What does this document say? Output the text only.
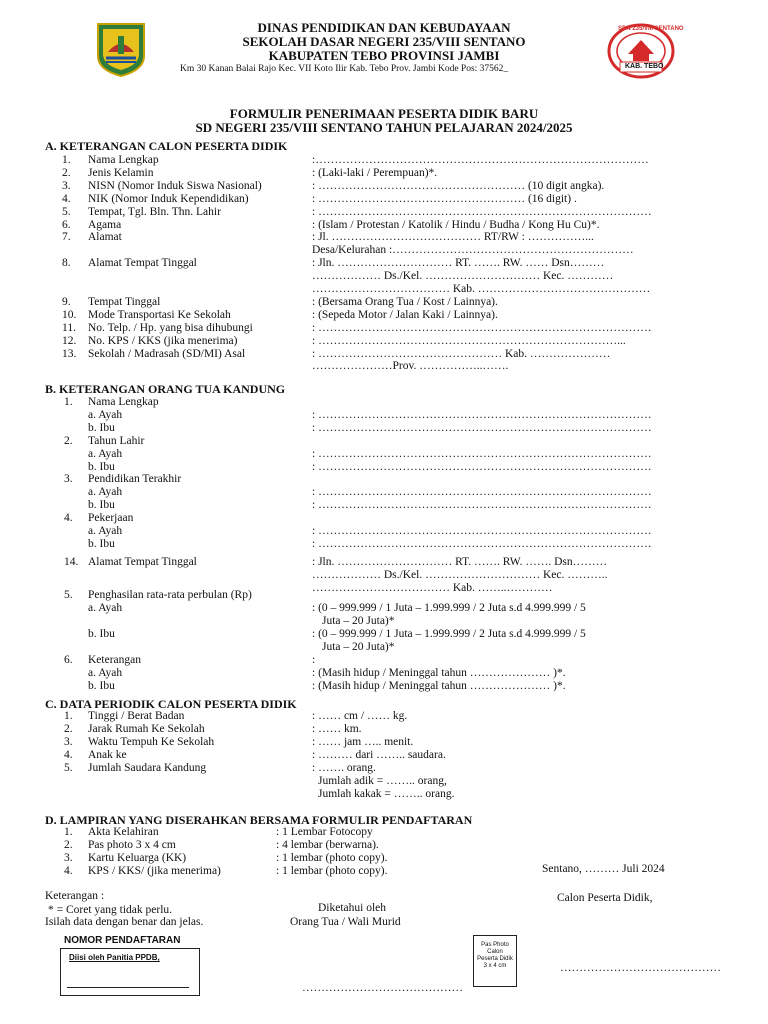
DINAS PENDIDIKAN DAN KEBUDAYAAN
SEKOLAH DASAR NEGERI 235/VIII SENTANO
KABUPATEN TEBO PROVINSI JAMBI
Km 30 Kanan Balai Rajo Kec. VII Koto Ilir Kab. Tebo Prov. Jambi Kode Pos: 37562_
SDN 235/VIII SENTANO
KAB. TEBO
FORMULIR PENERIMAAN PESERTA DIDIK BARU
SD NEGERI 235/VIII SENTANO TAHUN PELAJARAN 2024/2025
A. KETERANGAN CALON PESERTA DIDIK
1. Nama Lengkap	:……………………………………………………………………………
2. Jenis Kelamin	: (Laki-laki / Perempuan)*.
3. NISN (Nomor Induk Siswa Nasional)	: ……………………………………………… (10 digit angka).
4. NIK (Nomor Induk Kependidikan)	: ……………………………………………… (16 digit) .
5. Tempat, Tgl. Bln. Thn. Lahir	: ……………………………………………………………………………
6. Agama	: (Islam / Protestan / Katolik / Hindu / Budha / Kong Hu Cu)*.
7. Alamat	: Jl. ………………………………… RT/RW : ……………...
Desa/Kelurahan :………………………………………………………
8. Alamat Tempat Tinggal	: Jln. ………………………… RT. ……. RW. …… Dsn………
……………… Ds./Kel. ………………………… Kec. …………
……………………………… Kab. ………………………………………
9. Tempat Tinggal	: (Bersama Orang Tua / Kost / Lainnya).
10. Mode Transportasi Ke Sekolah	: (Sepeda Motor / Jalan Kaki / Lainnya).
11. No. Telp. / Hp. yang bisa dihubungi	: ……………………………………………………………………………
12. No. KPS / KKS (jika menerima)	: ……………………………………………………………………...
13. Sekolah / Madrasah (SD/MI) Asal	: ………………………………………… Kab. …………………
…………………Prov. ……………..…….
B. KETERANGAN ORANG TUA KANDUNG
1. Nama Lengkap
a. Ayah	: ……………………………………………………………………………
b. Ibu	: ……………………………………………………………………………
2. Tahun Lahir
a. Ayah	: ……………………………………………………………………………
b. Ibu	: ……………………………………………………………………………
3. Pendidikan Terakhir
a. Ayah	: ……………………………………………………………………………
b. Ibu	: ……………………………………………………………………………
4. Pekerjaan
a. Ayah	: ……………………………………………………………………………
b. Ibu	: ……………………………………………………………………………
14. Alamat Tempat Tinggal	: Jln. ………………………… RT. ……. RW. ……. Dsn………
……………… Ds./Kel. ………………………… Kec. ………..
……………………………… Kab. ……..…………
5. Penghasilan rata-rata perbulan (Rp)
a. Ayah	: (0 – 999.999 / 1 Juta – 1.999.999 / 2 Juta s.d 4.999.999 / 5
Juta – 20 Juta)*
b. Ibu	: (0 – 999.999 / 1 Juta – 1.999.999 / 2 Juta s.d 4.999.999 / 5
Juta – 20 Juta)*
6. Keterangan	:
a. Ayah	: (Masih hidup / Meninggal tahun ………………… )*.
b. Ibu	: (Masih hidup / Meninggal tahun ………………… )*.
C. DATA PERIODIK CALON PESERTA DIDIK
1. Tinggi / Berat Badan	: …… cm / …… kg.
2. Jarak Rumah Ke Sekolah	: …… km.
3. Waktu Tempuh Ke Sekolah	: …… jam ….. menit.
4. Anak ke	: ……… dari …….. saudara.
5. Jumlah Saudara Kandung	: ……. orang.
Jumlah adik = …….. orang,
Jumlah kakak = …….. orang.
D. LAMPIRAN YANG DISERAHKAN BERSAMA FORMULIR PENDAFTARAN
1. Akta Kelahiran	: 1 Lembar Fotocopy
2. Pas photo 3 x 4 cm	: 4 lembar (berwarna).
3. Kartu Keluarga (KK)	: 1 lembar (photo copy).
4. KPS / KKS/ (jika menerima)	: 1 lembar (photo copy).	Sentano, ……… Juli 2024
Keterangan :	Calon Peserta Didik,
* = Coret yang tidak perlu.	Diketahui oleh
Isilah data dengan benar dan jelas.	Orang Tua / Wali Murid
NOMOR PENDAFTARAN
Diisi oleh Panitia PPDB,
Pas Photo
Calon
Peserta Didik
3 x 4 cm
……………………………………
……………………………………
